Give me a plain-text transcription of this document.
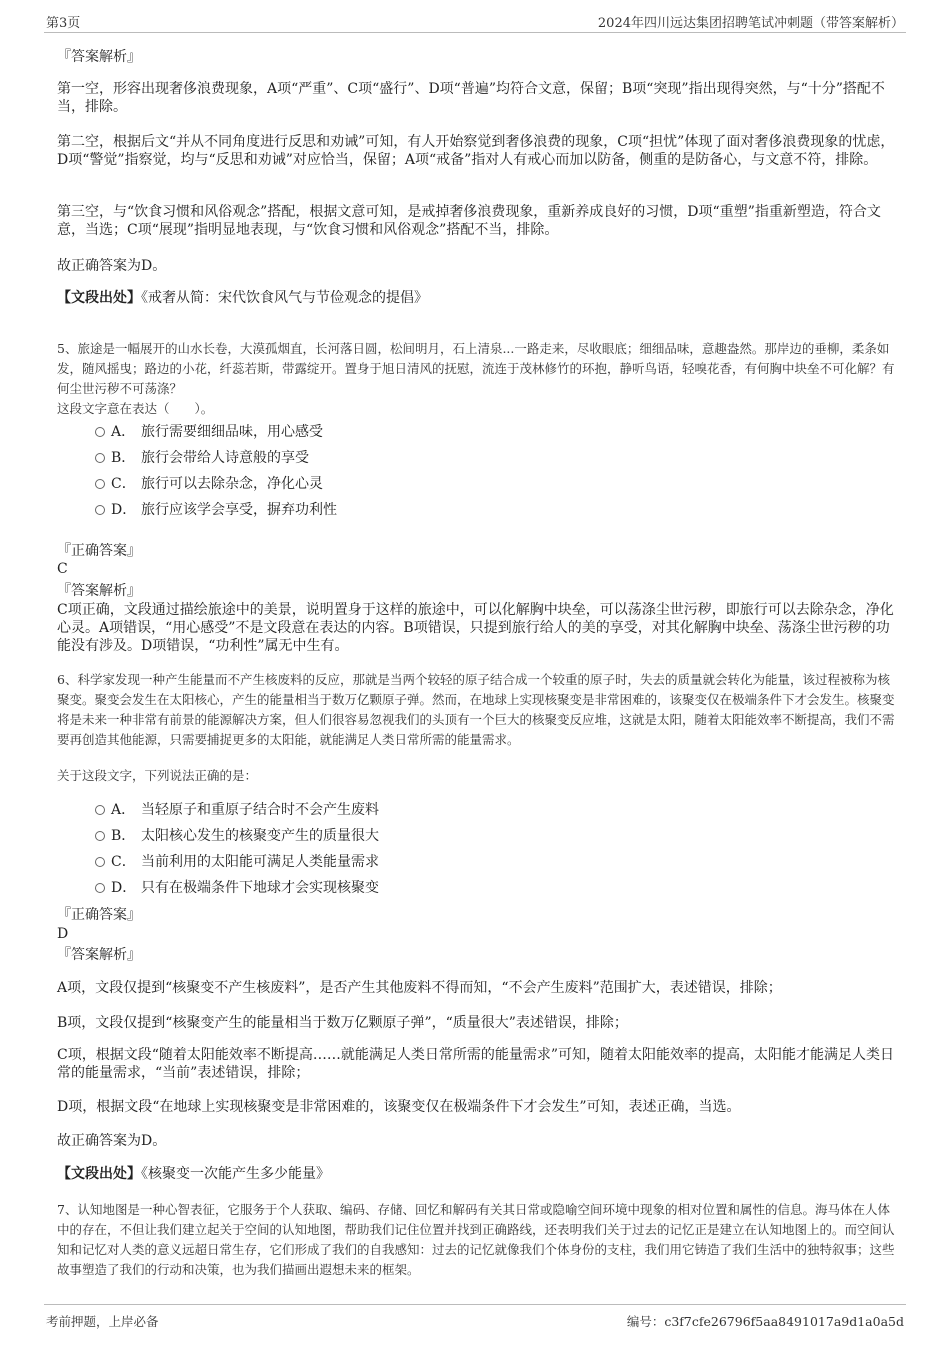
第3页	2024年四川远达集团招聘笔试冲刺题（带答案解析）

『答案解析』

第一空，形容出现奢侈浪费现象，A项“严重”、C项“盛行”、D项“普遍”均符合文意，保留；B项“突现”指出现得突然，与“十分”搭配不当，排除。

第二空，根据后文“并从不同角度进行反思和劝诫”可知，有人开始察觉到奢侈浪费的现象，C项“担忧”体现了面对奢侈浪费现象的忧虑，D项“警觉”指察觉，均与“反思和劝诫”对应恰当，保留；A项“戒备”指对人有戒心而加以防备，侧重的是防备心，与文意不符，排除。

第三空，与“饮食习惯和风俗观念”搭配，根据文意可知，是戒掉奢侈浪费现象，重新养成良好的习惯，D项“重塑”指重新塑造，符合文意，当选；C项“展现”指明显地表现，与“饮食习惯和风俗观念”搭配不当，排除。

故正确答案为D。

【文段出处】《戒奢从简：宋代饮食风气与节俭观念的提倡》

5、旅途是一幅展开的山水长卷，大漠孤烟直，长河落日圆，松间明月，石上清泉...一路走来，尽收眼底；细细品味，意趣盎然。那岸边的垂柳，柔条如发，随风摇曳；路边的小花，纤蕊若斯，带露绽开。置身于旭日清风的抚慰，流连于茂林修竹的环抱，静听鸟语，轻嗅花香，有何胸中块垒不可化解？有何尘世污秽不可荡涤？

这段文字意在表达（　　）。

A． 旅行需要细细品味，用心感受
B． 旅行会带给人诗意般的享受
C． 旅行可以去除杂念，净化心灵
D． 旅行应该学会享受，摒弃功利性

『正确答案』

C

『答案解析』

C项正确，文段通过描绘旅途中的美景，说明置身于这样的旅途中，可以化解胸中块垒，可以荡涤尘世污秽，即旅行可以去除杂念，净化心灵。A项错误，“用心感受”不是文段意在表达的内容。B项错误，只提到旅行给人的美的享受，对其化解胸中块垒、荡涤尘世污秽的功能没有涉及。D项错误，“功利性”属无中生有。

6、科学家发现一种产生能量而不产生核废料的反应，那就是当两个较轻的原子结合成一个较重的原子时，失去的质量就会转化为能量，该过程被称为核聚变。聚变会发生在太阳核心，产生的能量相当于数万亿颗原子弹。然而，在地球上实现核聚变是非常困难的，该聚变仅在极端条件下才会发生。核聚变将是未来一种非常有前景的能源解决方案，但人们很容易忽视我们的头顶有一个巨大的核聚变反应堆，这就是太阳，随着太阳能效率不断提高，我们不需要再创造其他能源，只需要捕捉更多的太阳能，就能满足人类日常所需的能量需求。

关于这段文字，下列说法正确的是：

A． 当轻原子和重原子结合时不会产生废料
B． 太阳核心发生的核聚变产生的质量很大
C． 当前利用的太阳能可满足人类能量需求
D． 只有在极端条件下地球才会实现核聚变

『正确答案』

D

『答案解析』

A项，文段仅提到“核聚变不产生核废料”，是否产生其他废料不得而知，“不会产生废料”范围扩大，表述错误，排除；

B项，文段仅提到“核聚变产生的能量相当于数万亿颗原子弹”，“质量很大”表述错误，排除；

C项，根据文段“随着太阳能效率不断提高……就能满足人类日常所需的能量需求”可知，随着太阳能效率的提高，太阳能才能满足人类日常的能量需求，“当前”表述错误，排除；

D项，根据文段“在地球上实现核聚变是非常困难的，该聚变仅在极端条件下才会发生”可知，表述正确，当选。

故正确答案为D。

【文段出处】《核聚变一次能产生多少能量》

7、认知地图是一种心智表征，它服务于个人获取、编码、存储、回忆和解码有关其日常或隐喻空间环境中现象的相对位置和属性的信息。海马体在人体中的存在，不但让我们建立起关于空间的认知地图，帮助我们记住位置并找到正确路线，还表明我们关于过去的记忆正是建立在认知地图上的。而空间认知和记忆对人类的意义远超日常生存，它们形成了我们的自我感知：过去的记忆就像我们个体身份的支柱，我们用它铸造了我们生活中的独特叙事；这些故事塑造了我们的行动和决策，也为我们描画出遐想未来的框架。

考前押题，上岸必备	编号：c3f7cfe26796f5aa8491017a9d1a0a5d
